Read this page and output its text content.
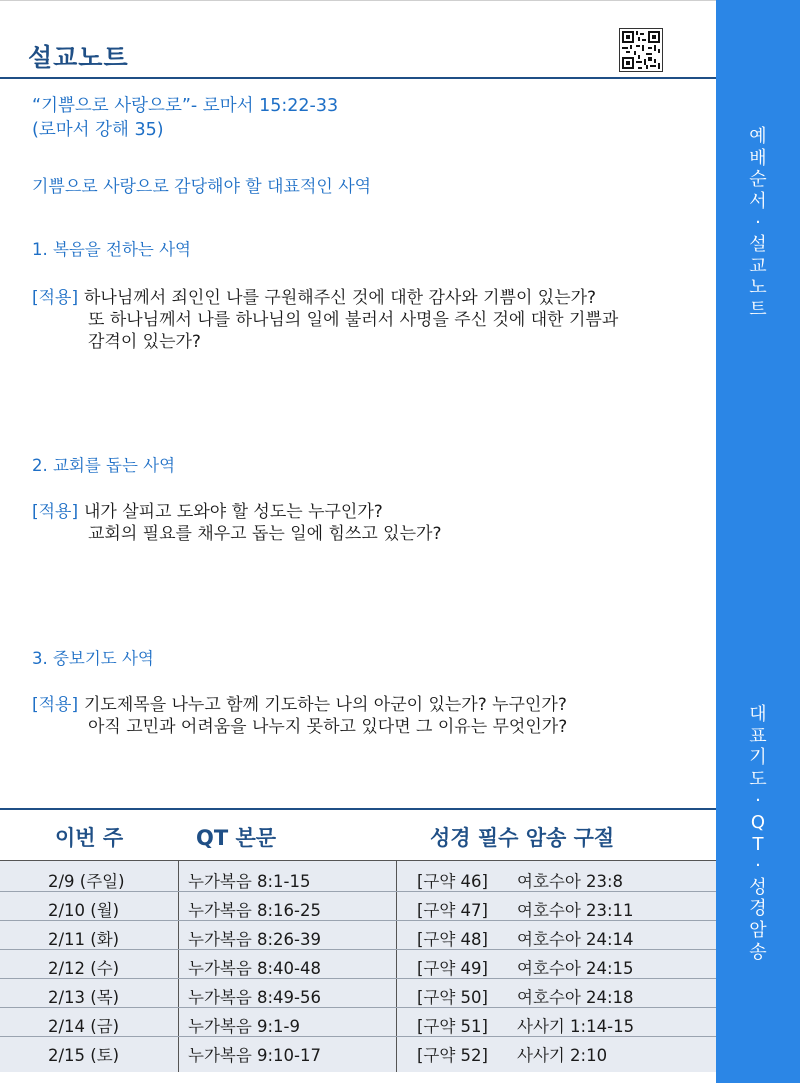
예
배
순
서
·
설
교
노
트
대
표
기
도
·
Q
T
·
성
경
암
송
설교노트
“기쁨으로 사랑으로”- 로마서 15:22-33
(로마서 강해 35)
기쁨으로 사랑으로 감당해야 할 대표적인 사역
1. 복음을 전하는 사역
[적용] 하나님께서 죄인인 나를 구원해주신 것에 대한 감사와 기쁨이 있는가?
또 하나님께서 나를 하나님의 일에 불러서 사명을 주신 것에 대한 기쁨과
감격이 있는가?
2. 교회를 돕는 사역
[적용] 내가 살피고 도와야 할 성도는 누구인가?
교회의 필요를 채우고 돕는 일에 힘쓰고 있는가?
3. 중보기도 사역
[적용] 기도제목을 나누고 함께 기도하는 나의 아군이 있는가? 누구인가?
아직 고민과 어려움을 나누지 못하고 있다면 그 이유는 무엇인가?
이번 주	QT 본문	성경 필수 암송 구절
2/9 (주일)	누가복음 8:1-15	[구약 46] 여호수아 23:8
2/10 (월)	누가복음 8:16-25	[구약 47] 여호수아 23:11
2/11 (화)	누가복음 8:26-39	[구약 48] 여호수아 24:14
2/12 (수)	누가복음 8:40-48	[구약 49] 여호수아 24:15
2/13 (목)	누가복음 8:49-56	[구약 50] 여호수아 24:18
2/14 (금)	누가복음 9:1-9	[구약 51] 사사기 1:14-15
2/15 (토)	누가복음 9:10-17	[구약 52] 사사기 2:10
